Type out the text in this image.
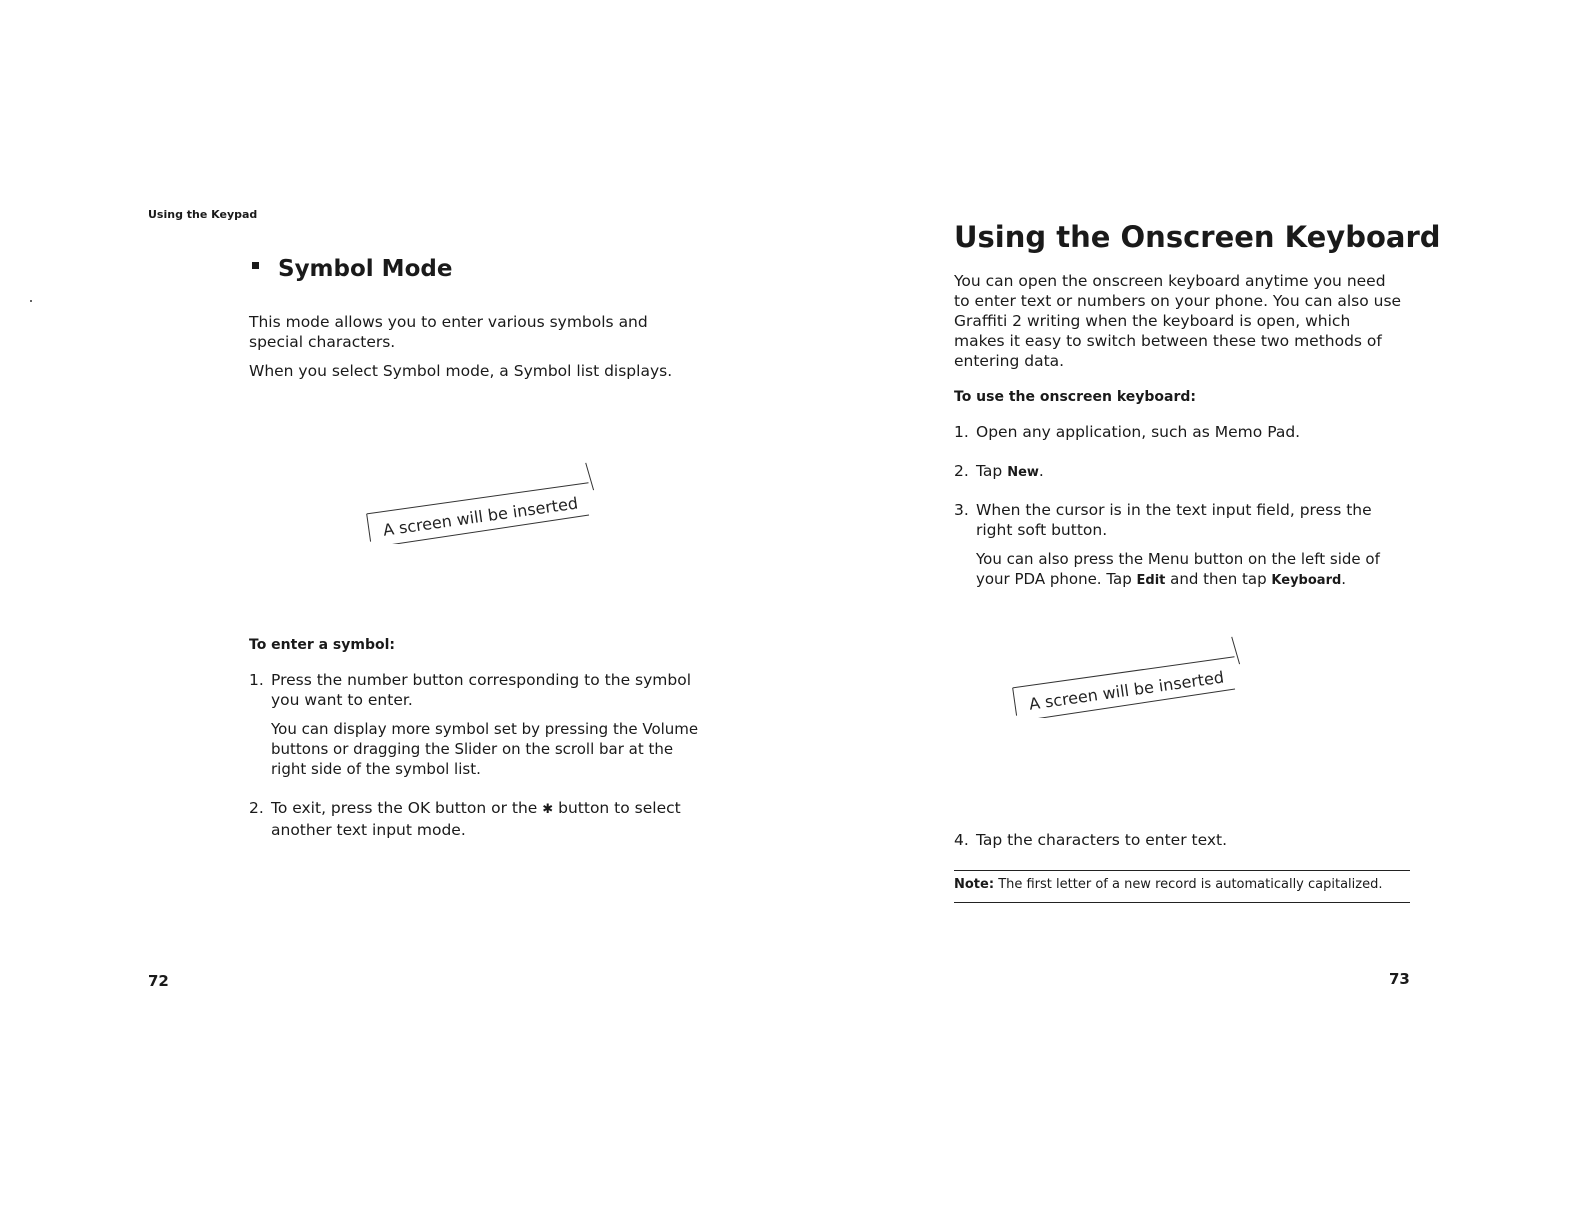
Using the Keypad
Symbol Mode
This mode allows you to enter various symbols and special characters.
When you select Symbol mode, a Symbol list displays.
A screen will be inserted
To enter a symbol:
1. Press the number button corresponding to the symbol you want to enter.
You can display more symbol set by pressing the Volume buttons or dragging the Slider on the scroll bar at the right side of the symbol list.
2. To exit, press the OK button or the ✱ button to select another text input mode.
72
Using the Onscreen Keyboard
You can open the onscreen keyboard anytime you need to enter text or numbers on your phone. You can also use Graffiti 2 writing when the keyboard is open, which makes it easy to switch between these two methods of entering data.
To use the onscreen keyboard:
1. Open any application, such as Memo Pad.
2. Tap New.
3. When the cursor is in the text input field, press the right soft button.
You can also press the Menu button on the left side of your PDA phone. Tap Edit and then tap Keyboard.
A screen will be inserted
4. Tap the characters to enter text.
Note: The first letter of a new record is automatically capitalized.
73
